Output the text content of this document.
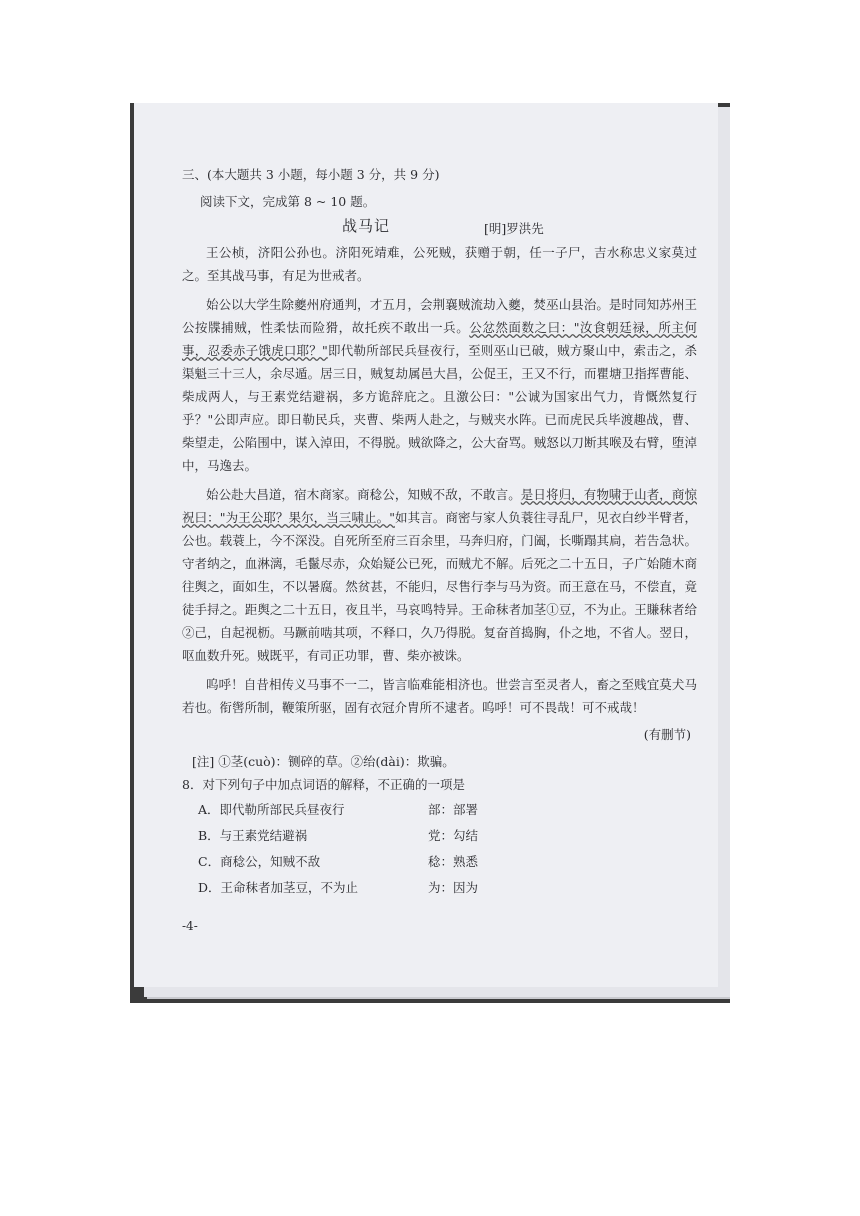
三、(本大题共 3 小题，每小题 3 分，共 9 分)

阅读下文，完成第 8 ~ 10 题。

战马记	[明]罗洪先

王公桢，济阳公孙也。济阳死靖难，公死贼，获赠于朝，任一子尸，吉水称忠义家莫过之。至其战马事，有足为世戒者。

始公以大学生除夔州府通判，才五月，会荆襄贼流劫入夔，焚巫山县治。是时同知苏州王公按牒捕贼，性柔怯而险猾，故托疾不敢出一兵。公忿然面数之曰："汝食朝廷禄，所主何事，忍委赤子饿虎口耶？"即代勒所部民兵昼夜行，至则巫山已破，贼方聚山中，索击之，杀渠魁三十三人，余尽遁。居三日，贼复劫属邑大昌，公促王，王又不行，而瞿塘卫指挥曹能、柴成两人，与王素党结避祸，多方诡辞庇之。且激公曰："公诚为国家出气力，肯慨然复行乎？"公即声应。即日勒民兵，夹曹、柴两人赴之，与贼夹水阵。已而虎民兵毕渡趣战，曹、柴望走，公陷围中，谋入淖田，不得脱。贼欲降之，公大奋骂。贼怒以刀断其喉及右臂，堕淖中，马逸去。

始公赴大昌道，宿木商家。商稔公，知贼不敌，不敢言。是日将归，有物啸于山者，商惊祝曰："为王公耶？果尔，当三啸止。"如其言。商密与家人负蓑往寻乱尸，见衣白纱半臂者，公也。载蓑上，今不深没。自死所至府三百余里，马奔归府，门阖，长嘶蹋其扃，若告急状。守者纳之，血淋漓，毛鬣尽赤，众始疑公已死，而贼尤不解。后死之二十五日，子广始随木商往舆之，面如生，不以暑腐。然贫甚，不能归，尽售行李与马为资。而王意在马，不偿直，竟徒手挦之。距舆之二十五日，夜且半，马哀鸣特异。王命秣者加茎①豆，不为止。王賺秣者给②己，自起视枥。马蹶前啮其项，不释口，久乃得脱。复奋首捣胸，仆之地，不省人。翌日，呕血数升死。贼既平，有司正功罪，曹、柴亦被诛。

呜呼！自昔相传义马事不一二，皆言临难能相济也。世尝言至灵者人，畜之至贱宜莫犬马若也。衔辔所制，鞭策所驱，固有衣冠介胄所不逮者。呜呼！可不畏哉！可不戒哉！

(有删节)
[注] ①茎(cuò)：铡碎的草。②绐(dài)：欺骗。
8．对下列句子中加点词语的解释，不正确的一项是
A．即代勒所部民兵昼夜行	部：部署
B．与王素党结避祸	党：勾结
C．商稔公，知贼不敌	稔：熟悉
D．王命秣者加茎豆，不为止	为：因为
-4-
